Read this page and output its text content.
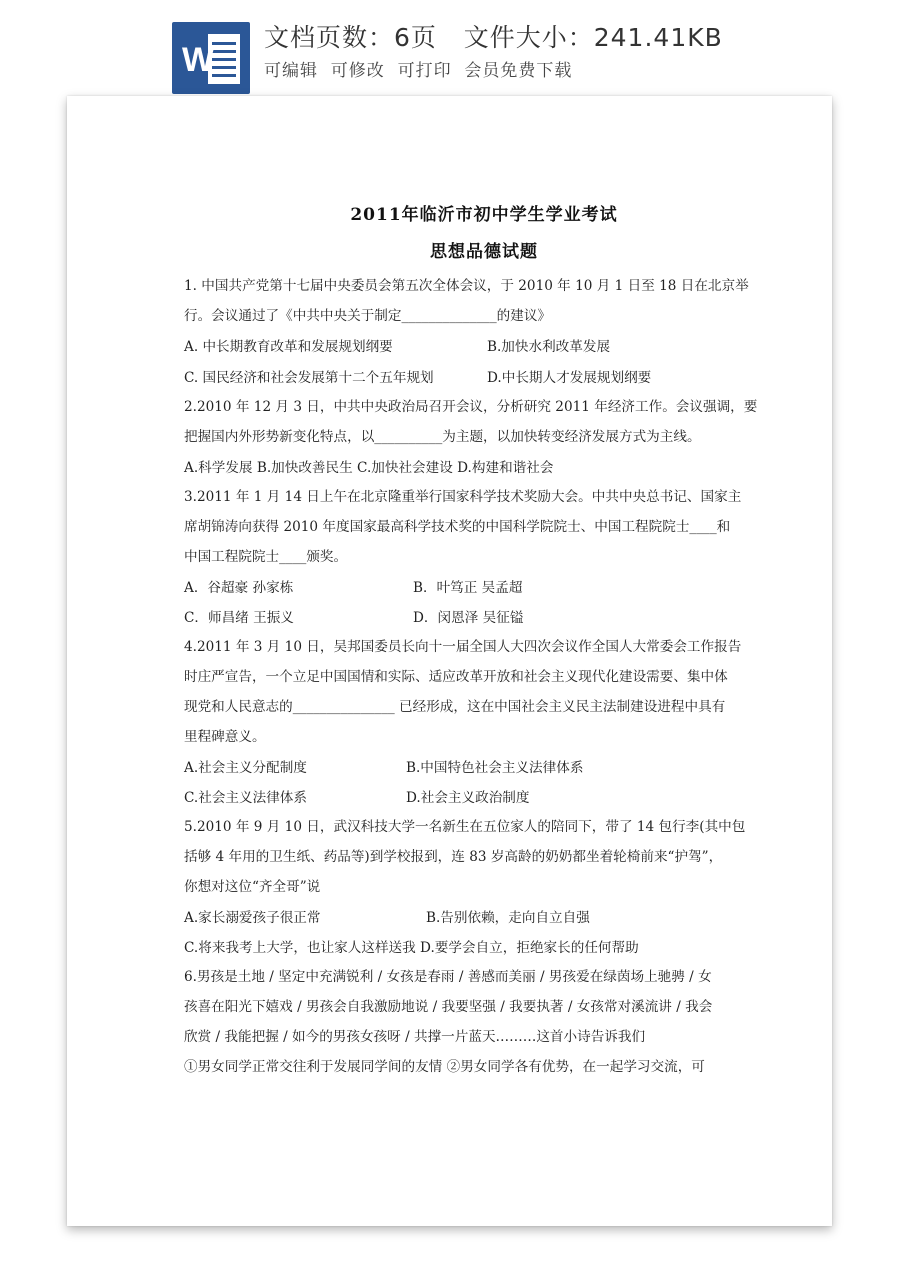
W
文档页数：6页   文件大小：241.41KB
可编辑  可修改  可打印  会员免费下载
2011年临沂市初中学生学业考试
思想品德试题
1. 中国共产党第十七届中央委员会第五次全体会议，于 2010 年 10 月 1 日至 18 日在北京举
行。会议通过了《中共中央关于制定______________的建议》
A. 中长期教育改革和发展规划纲要	B.加快水利改革发展
C. 国民经济和社会发展第十二个五年规划	D.中长期人才发展规划纲要
2.2010 年 12 月 3 日，中共中央政治局召开会议，分析研究 2011 年经济工作。会议强调，要
把握国内外形势新变化特点，以__________为主题，以加快转变经济发展方式为主线。
A.科学发展 B.加快改善民生 C.加快社会建设 D.构建和谐社会
3.2011 年 1 月 14 日上午在北京隆重举行国家科学技术奖励大会。中共中央总书记、国家主
席胡锦涛向获得 2010 年度国家最高科学技术奖的中国科学院院士、中国工程院院士____和
中国工程院院士____颁奖。
A．谷超豪 孙家栋	B．叶笃正 吴孟超
C．师昌绪 王振义	D．闵恩泽 吴征镒
4.2011 年 3 月 10 日，吴邦国委员长向十一届全国人大四次会议作全国人大常委会工作报告
时庄严宣告，一个立足中国国情和实际、适应改革开放和社会主义现代化建设需要、集中体
现党和人民意志的_______________ 已经形成，这在中国社会主义民主法制建设进程中具有
里程碑意义。
A.社会主义分配制度	B.中国特色社会主义法律体系
C.社会主义法律体系	D.社会主义政治制度
5.2010 年 9 月 10 日，武汉科技大学一名新生在五位家人的陪同下，带了 14 包行李(其中包
括够 4 年用的卫生纸、药品等)到学校报到，连 83 岁高龄的奶奶都坐着轮椅前来“护驾”，
你想对这位“齐全哥”说
A.家长溺爱孩子很正常	B.告别依赖，走向自立自强
C.将来我考上大学，也让家人这样送我 D.要学会自立，拒绝家长的任何帮助
6.男孩是土地 / 坚定中充满锐利 / 女孩是春雨 / 善感而美丽 / 男孩爱在绿茵场上驰骋 / 女
孩喜在阳光下嬉戏 / 男孩会自我激励地说 / 我要坚强 / 我要执著 / 女孩常对溪流讲 / 我会
欣赏 / 我能把握 / 如今的男孩女孩呀 / 共撑一片蓝天………这首小诗告诉我们
①男女同学正常交往利于发展同学间的友情 ②男女同学各有优势，在一起学习交流，可
